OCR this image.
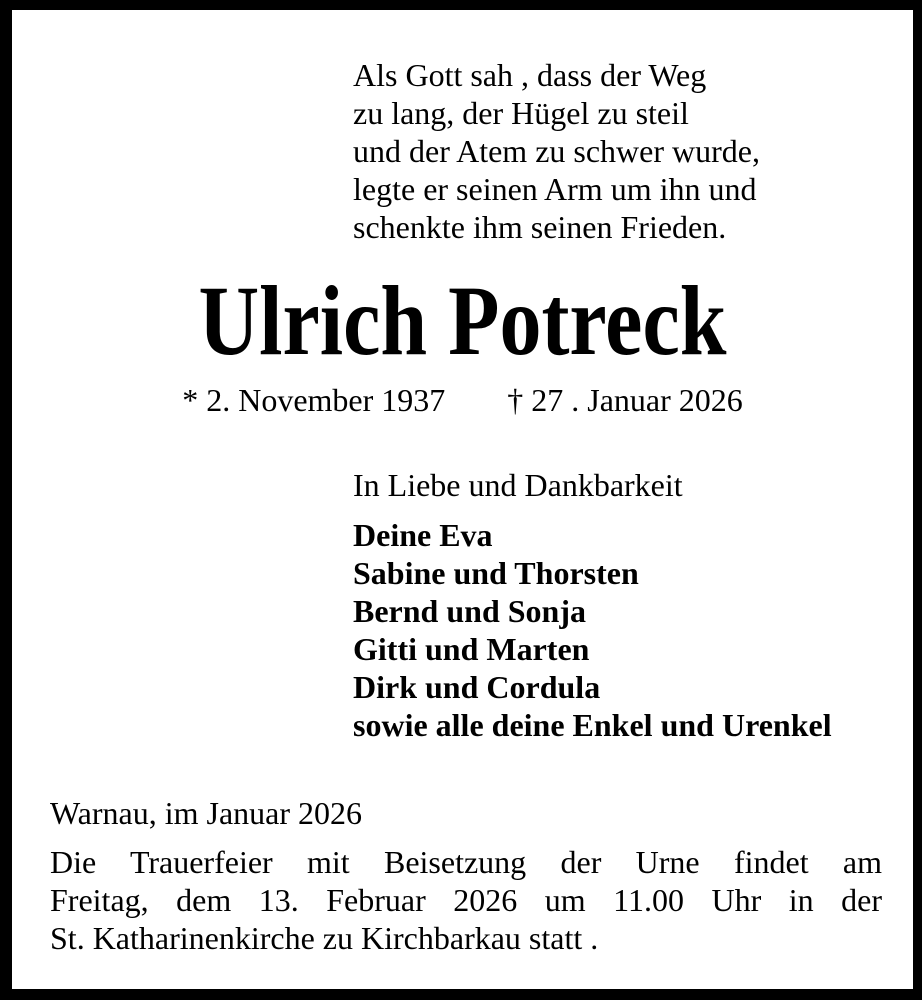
Als Gott sah , dass der Weg
zu lang, der Hügel zu steil
und der Atem zu schwer wurde,
legte er seinen Arm um ihn und
schenkte ihm seinen Frieden.
Ulrich Potreck
* 2. November 1937 † 27 . Januar 2026
In Liebe und Dankbarkeit
Deine Eva
Sabine und Thorsten
Bernd und Sonja
Gitti und Marten
Dirk und Cordula
sowie alle deine Enkel und Urenkel
Warnau, im Januar 2026
Die Trauerfeier mit Beisetzung der Urne findet am
Freitag, dem 13. Februar 2026 um 11.00 Uhr in der
St. Katharinenkirche zu Kirchbarkau statt .
